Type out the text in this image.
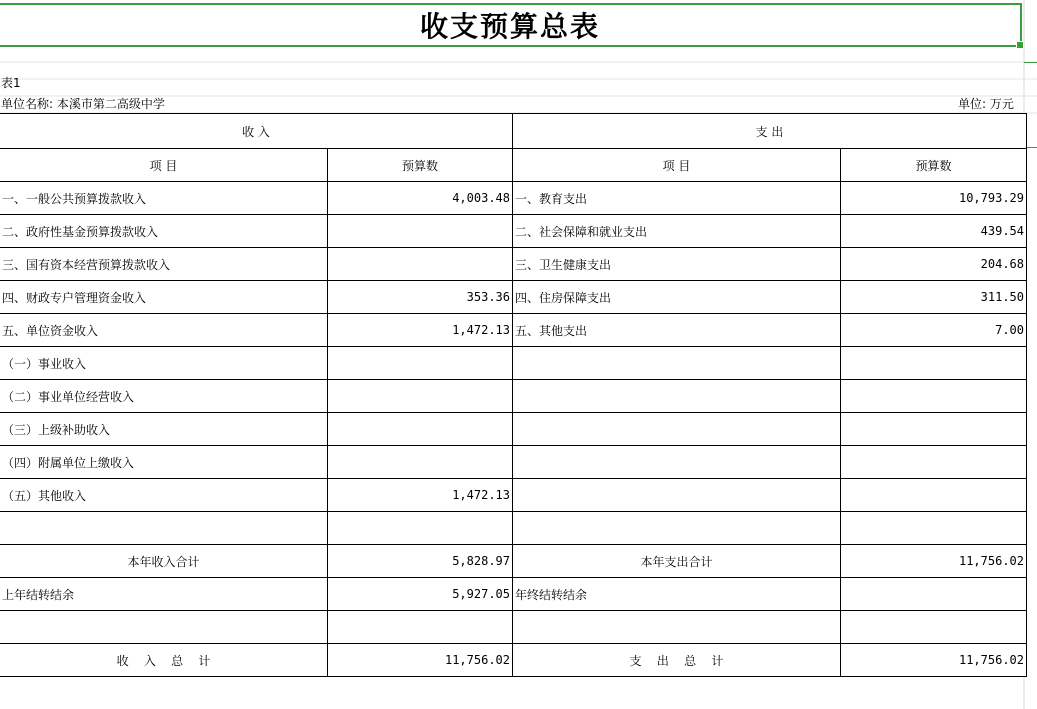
收支预算总表
表1
单位名称: 本溪市第二高级中学	单位: 万元
收 入		支 出	
项 目	预算数	项 目	预算数
一、一般公共预算拨款收入	4,003.48	一、教育支出	10,793.29
二、政府性基金预算拨款收入		二、社会保障和就业支出	439.54
三、国有资本经营预算拨款收入		三、卫生健康支出	204.68
四、财政专户管理资金收入	353.36	四、住房保障支出	311.50
五、单位资金收入	1,472.13	五、其他支出	7.00
（一）事业收入			
（二）事业单位经营收入			
（三）上级补助收入			
（四）附属单位上缴收入			
（五）其他收入	1,472.13		

本年收入合计	5,828.97	本年支出合计	11,756.02
上年结转结余	5,927.05	年终结转结余	

收    入    总    计	11,756.02	支    出    总    计	11,756.02
